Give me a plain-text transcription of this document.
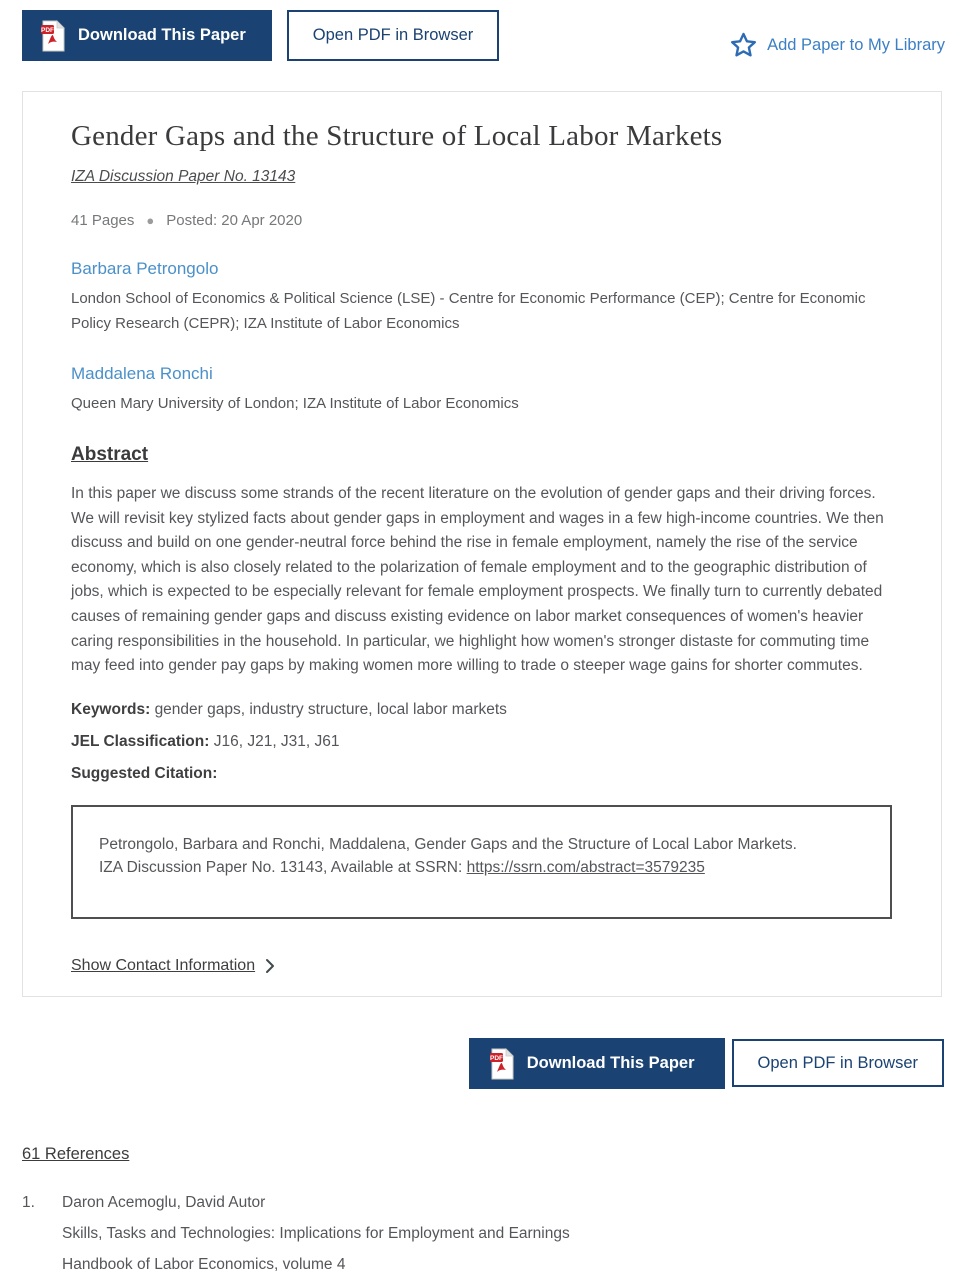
PDF Download This Paper	Open PDF in Browser
Add Paper to My Library
Gender Gaps and the Structure of Local Labor Markets
IZA Discussion Paper No. 13143
41 Pages ● Posted: 20 Apr 2020
Barbara Petrongolo
London School of Economics & Political Science (LSE) - Centre for Economic Performance (CEP); Centre for Economic Policy Research (CEPR); IZA Institute of Labor Economics
Maddalena Ronchi
Queen Mary University of London; IZA Institute of Labor Economics
Abstract

In this paper we discuss some strands of the recent literature on the evolution of gender gaps and their driving forces. We will revisit key stylized facts about gender gaps in employment and wages in a few high-income countries. We then discuss and build on one gender-neutral force behind the rise in female employment, namely the rise of the service economy, which is also closely related to the polarization of female employment and to the geographic distribution of jobs, which is expected to be especially relevant for female employment prospects. We finally turn to currently debated causes of remaining gender gaps and discuss existing evidence on labor market consequences of women's heavier caring responsibilities in the household. In particular, we highlight how women's stronger distaste for commuting time may feed into gender pay gaps by making women more willing to trade o steeper wage gains for shorter commutes.

Keywords: gender gaps, industry structure, local labor markets

JEL Classification: J16, J21, J31, J61

Suggested Citation:

Petrongolo, Barbara and Ronchi, Maddalena, Gender Gaps and the Structure of Local Labor Markets. IZA Discussion Paper No. 13143, Available at SSRN: https://ssrn.com/abstract=3579235

Show Contact Information
PDF Download This Paper	Open PDF in Browser
61 References
1.	Daron Acemoglu, David Autor
Skills, Tasks and Technologies: Implications for Employment and Earnings
Handbook of Labor Economics, volume 4
